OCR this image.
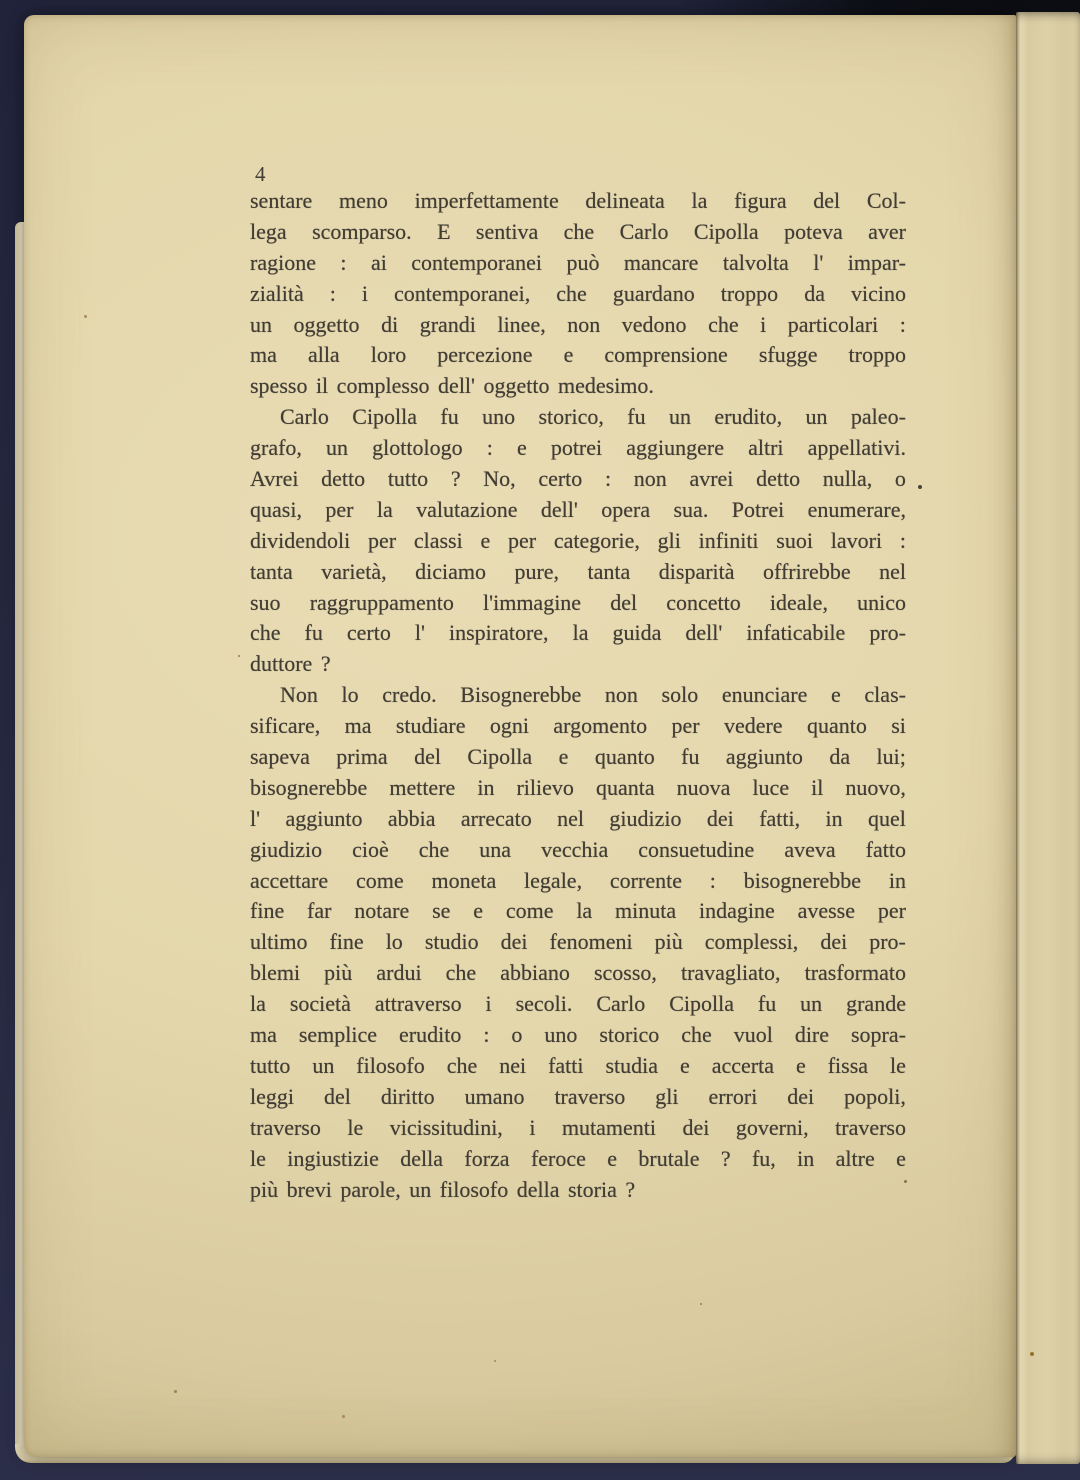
4
sentare meno imperfettamente delineata la figura del Col-
lega scomparso. E sentiva che Carlo Cipolla poteva aver
ragione : ai contemporanei può mancare talvolta l' impar-
zialità : i contemporanei, che guardano troppo da vicino
un oggetto di grandi linee, non vedono che i particolari :
ma alla loro percezione e comprensione sfugge troppo
spesso il complesso dell' oggetto medesimo.
Carlo Cipolla fu uno storico, fu un erudito, un paleo-
grafo, un glottologo : e potrei aggiungere altri appellativi.
Avrei detto tutto ? No, certo : non avrei detto nulla, o
quasi, per la valutazione dell' opera sua. Potrei enumerare,
dividendoli per classi e per categorie, gli infiniti suoi lavori :
tanta varietà, diciamo pure, tanta disparità offrirebbe nel
suo raggruppamento l'immagine del concetto ideale, unico
che fu certo l' inspiratore, la guida dell' infaticabile pro-
duttore ?
Non lo credo. Bisognerebbe non solo enunciare e clas-
sificare, ma studiare ogni argomento per vedere quanto si
sapeva prima del Cipolla e quanto fu aggiunto da lui;
bisognerebbe mettere in rilievo quanta nuova luce il nuovo,
l' aggiunto abbia arrecato nel giudizio dei fatti, in quel
giudizio cioè che una vecchia consuetudine aveva fatto
accettare come moneta legale, corrente : bisognerebbe in
fine far notare se e come la minuta indagine avesse per
ultimo fine lo studio dei fenomeni più complessi, dei pro-
blemi più ardui che abbiano scosso, travagliato, trasformato
la società attraverso i secoli. Carlo Cipolla fu un grande
ma semplice erudito : o uno storico che vuol dire sopra-
tutto un filosofo che nei fatti studia e accerta e fissa le
leggi del diritto umano traverso gli errori dei popoli,
traverso le vicissitudini, i mutamenti dei governi, traverso
le ingiustizie della forza feroce e brutale ? fu, in altre e
più brevi parole, un filosofo della storia ?
